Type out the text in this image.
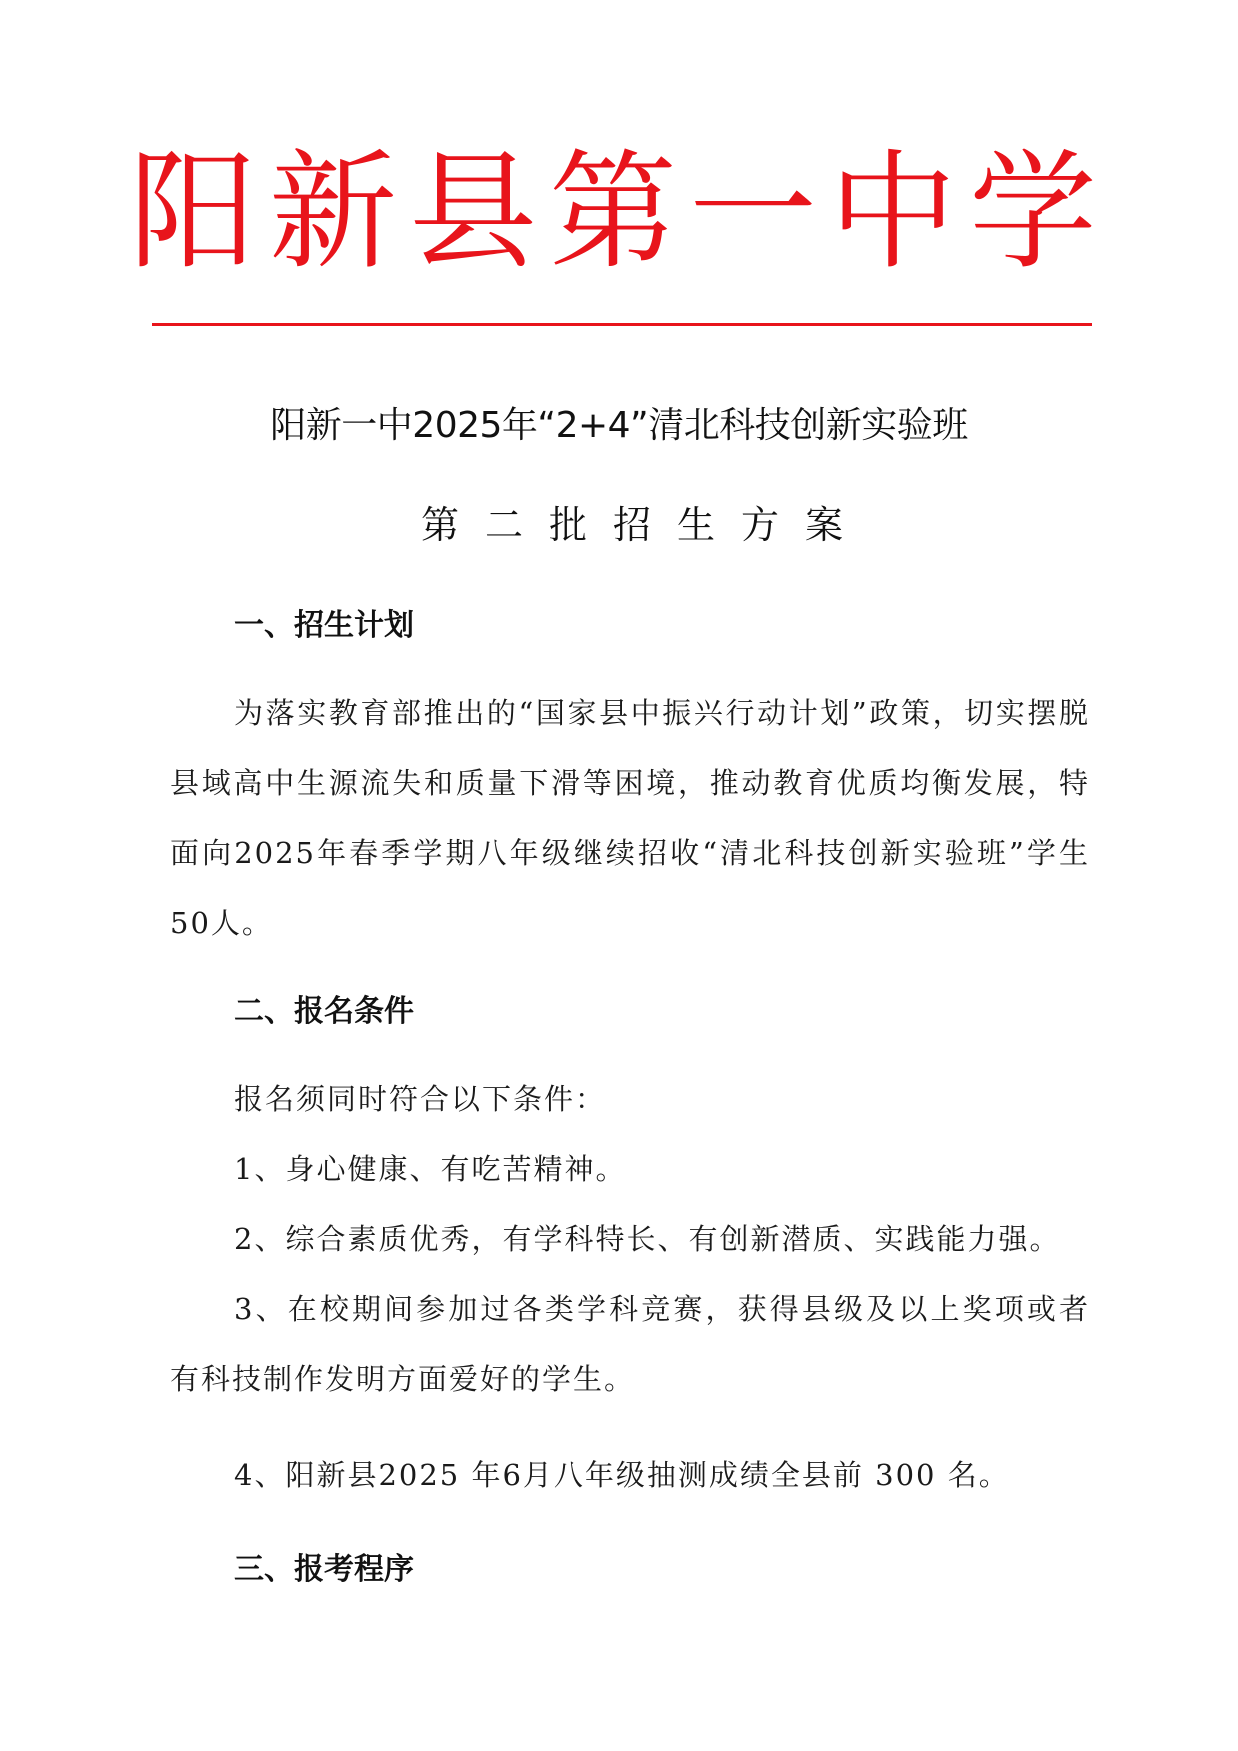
阳新县第一中学
阳新一中2025年“2+4”清北科技创新实验班
第二批招生方案
一、招生计划

为落实教育部推出的“国家县中振兴行动计划”政策，切实摆脱县域高中生源流失和质量下滑等困境，推动教育优质均衡发展，特面向2025年春季学期八年级继续招收“清北科技创新实验班”学生50人。

二、报名条件

报名须同时符合以下条件：

1、身心健康、有吃苦精神。

2、综合素质优秀，有学科特长、有创新潜质、实践能力强。

3、在校期间参加过各类学科竞赛，获得县级及以上奖项或者有科技制作发明方面爱好的学生。

4、阳新县2025 年6月八年级抽测成绩全县前 300 名。

三、报考程序
